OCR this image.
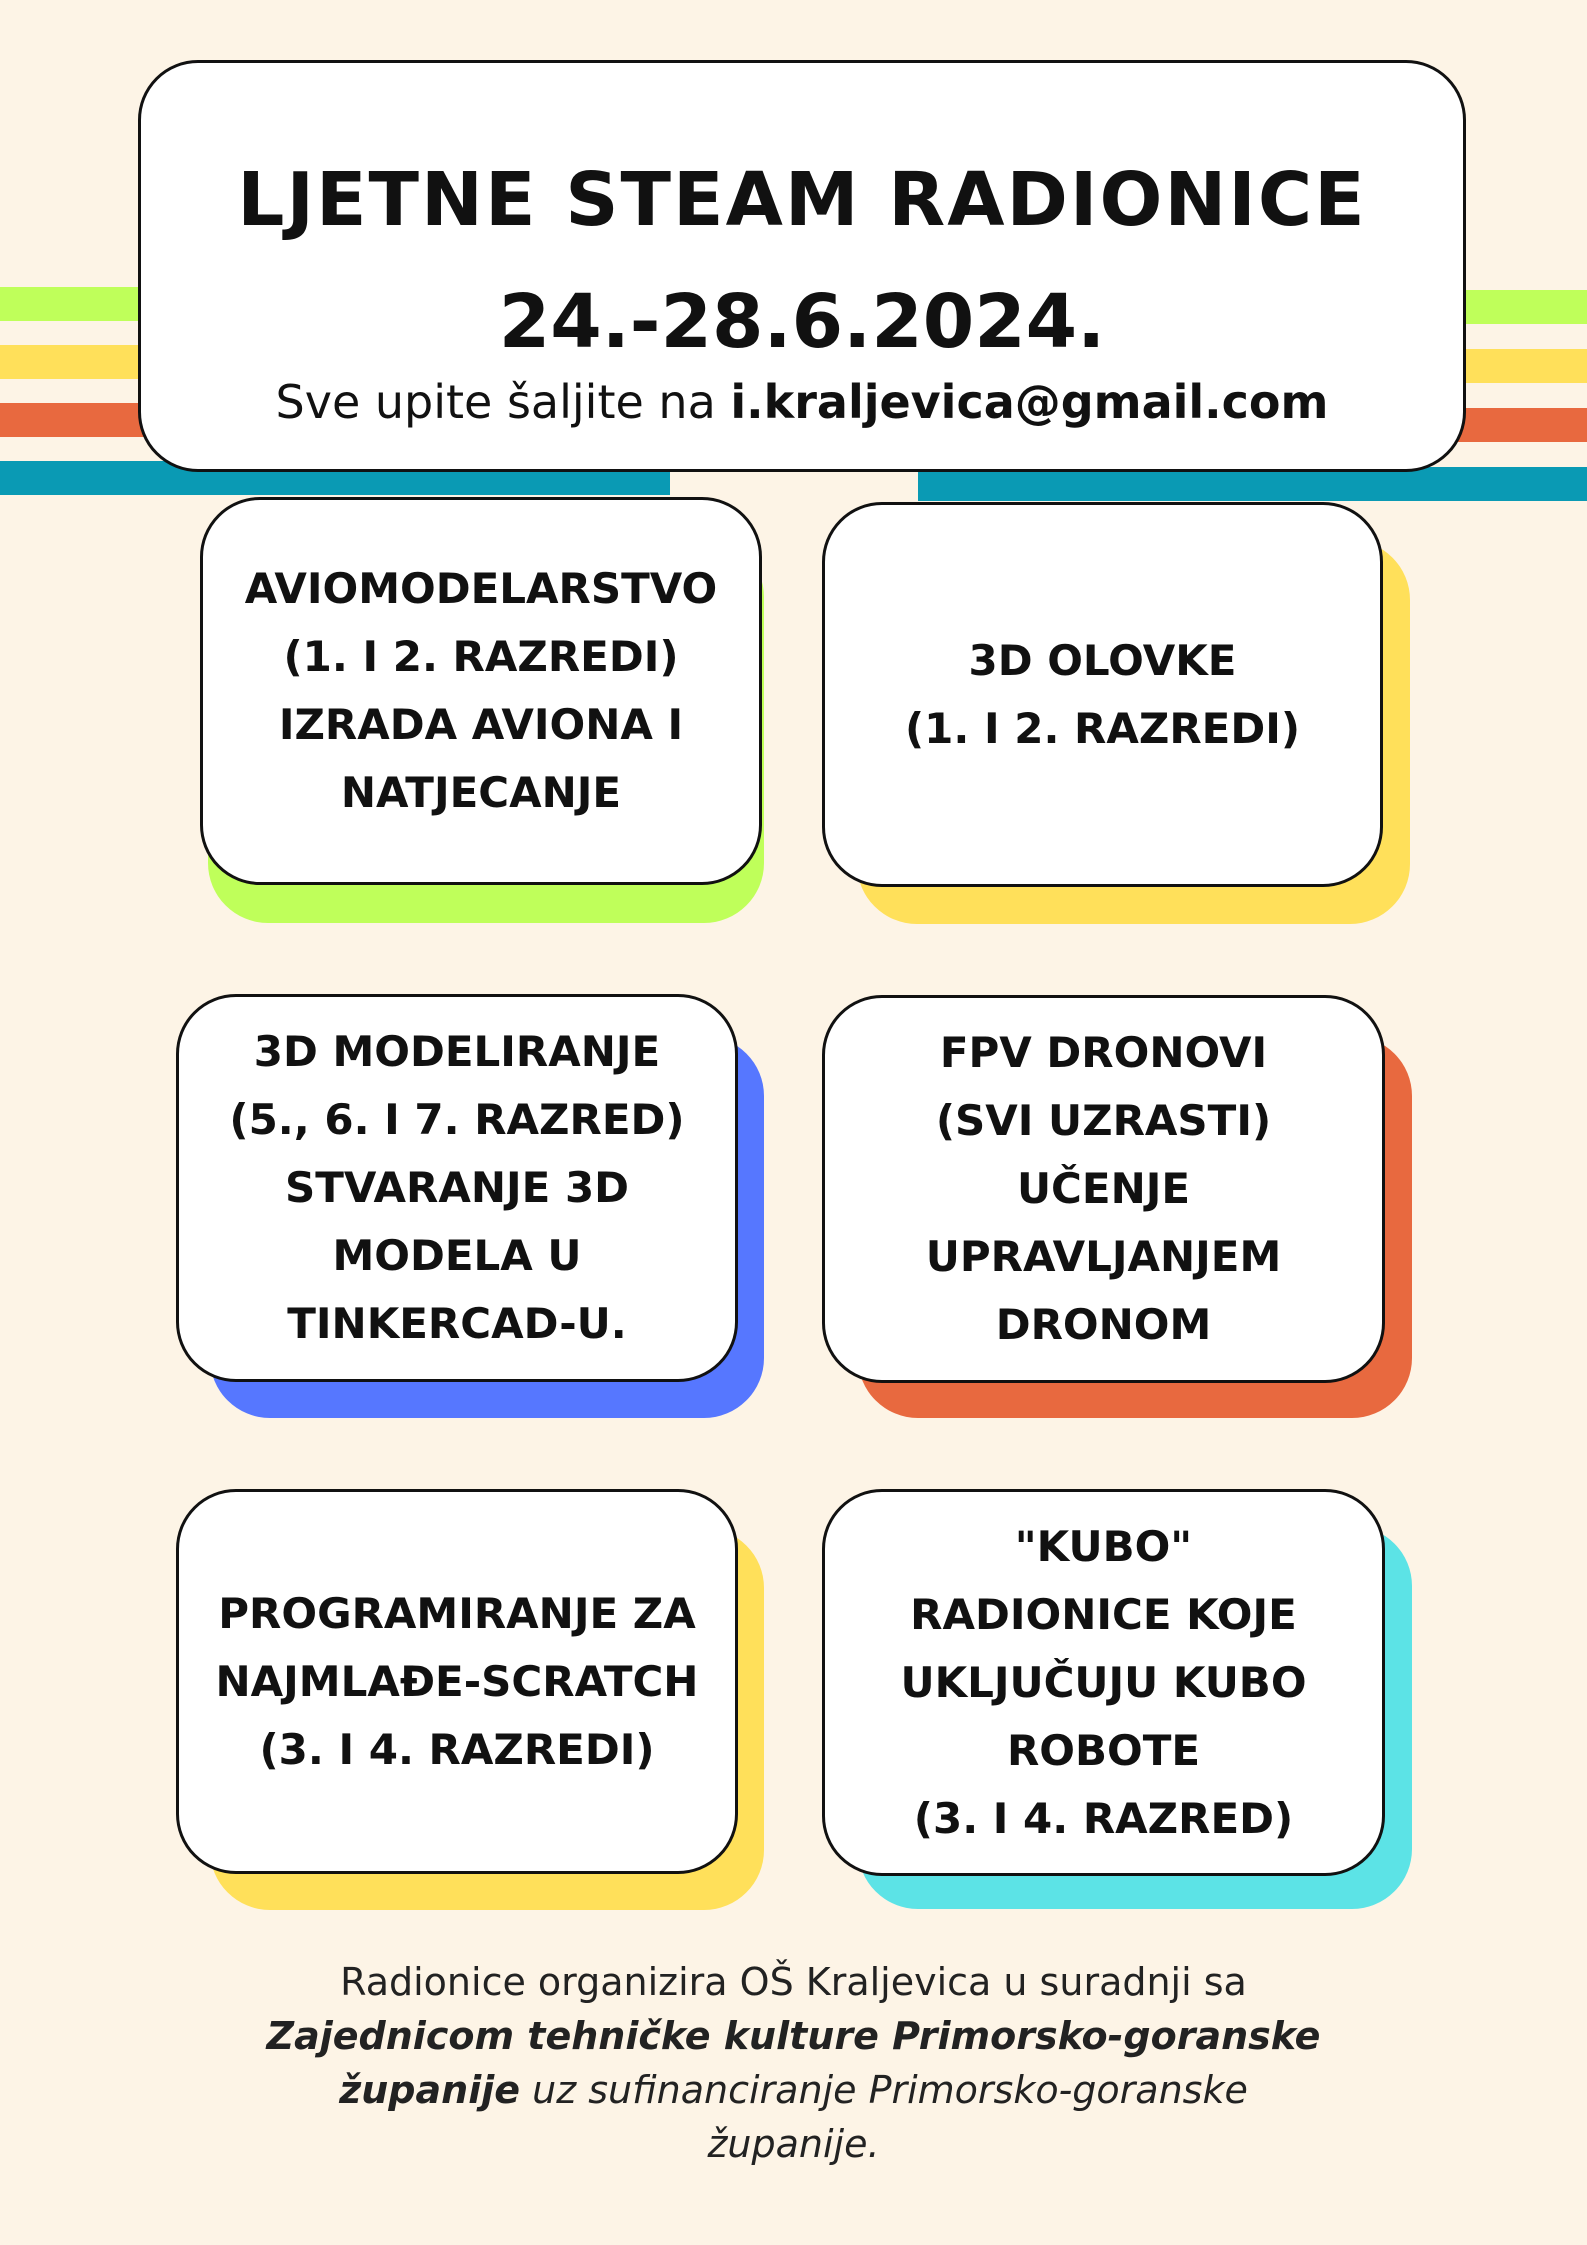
LJETNE STEAM RADIONICE
24.-28.6.2024.
Sve upite šaljite na i.kraljevica@gmail.com
AVIOMODELARSTVO
(1. I 2. RAZREDI)
IZRADA AVIONA I
NATJECANJE
3D OLOVKE
(1. I 2. RAZREDI)
3D MODELIRANJE
(5., 6. I 7. RAZRED)
STVARANJE 3D
MODELA U
TINKERCAD-U.
FPV DRONOVI
(SVI UZRASTI)
UČENJE
UPRAVLJANJEM
DRONOM
PROGRAMIRANJE ZA
NAJMLAĐE-SCRATCH
(3. I 4. RAZREDI)
"KUBO"
RADIONICE KOJE
UKLJUČUJU KUBO
ROBOTE
(3. I 4. RAZRED)
Radionice organizira OŠ Kraljevica u suradnji sa
Zajednicom tehničke kulture Primorsko-goranske
županije uz sufinanciranje Primorsko-goranske
županije.
